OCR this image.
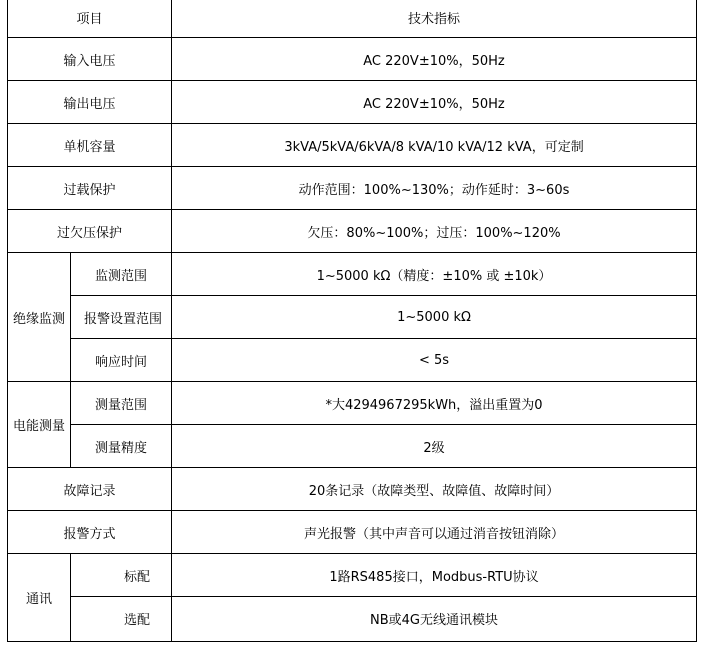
项目		技术指标
输入电压		AC 220V±10%，50Hz
输出电压		AC 220V±10%，50Hz
单机容量		3kVA/5kVA/6kVA/8 kVA/10 kVA/12 kVA，可定制
过载保护		动作范围：100%~130%；动作延时：3~60s
过欠压保护		欠压：80%~100%；过压：100%~120%
绝缘监测	监测范围	1~5000 kΩ（精度：±10% 或 ±10k）
	报警设置范围	1~5000 kΩ
	响应时间	< 5s
电能测量	测量范围	*大4294967295kWh，溢出重置为0
	测量精度	2级
故障记录		20条记录（故障类型、故障值、故障时间）
报警方式		声光报警（其中声音可以通过消音按钮消除）
通讯	标配	1路RS485接口，Modbus-RTU协议
	选配	NB或4G无线通讯模块
